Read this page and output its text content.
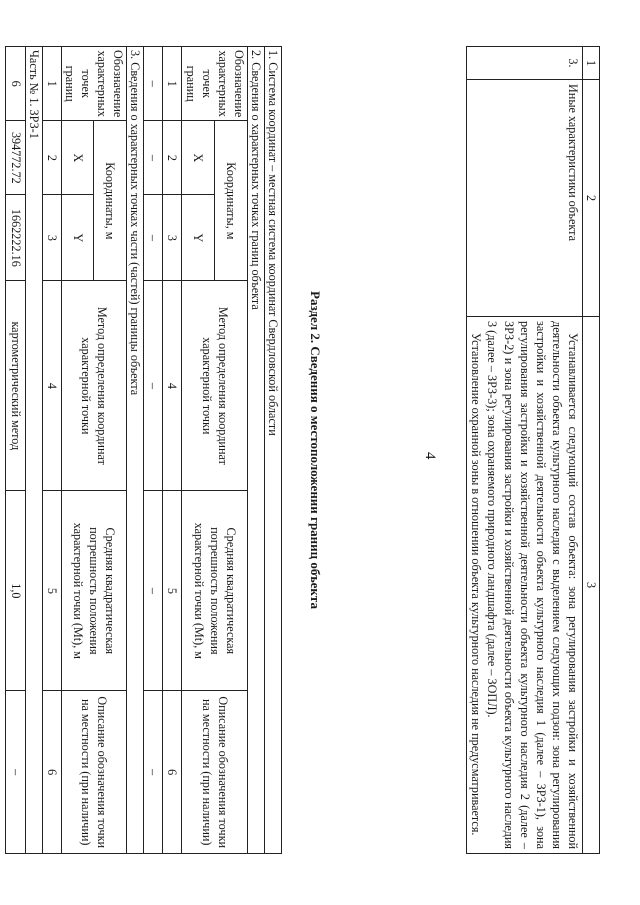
4
1	2	3
3.	Иные характеристики объекта	Устанавливается следующий состав объекта: зона регулирования застройки и хозяйственной деятельности объекта культурного наследия с выделением следующих подзон: зона регулирования застройки и хозяйственной деятельности объекта культурного наследия 1 (далее – ЗРЗ-1), зона регулирования застройки и хозяйственной деятельности объекта культурного наследия 2 (далее – ЗРЗ-2) и зона регулирования застройки и хозяйственной деятельности объекта культурного наследия 3 (далее – ЗРЗ-3); зона охраняемого природного ландшафта (далее – ЗОПЛ).
Установление охранной зоны в отношении объекта культурного наследия не предусматривается.
Раздел 2. Сведения о местоположении границ объекта
1. Система координат – местная система координат Свердловской области					
2. Сведения о характерных точках границ объекта					
Обозначение характерных точек границ	Координаты, м		Метод определения координат характерной точки	Средняя квадратическая погрешность положения характерной точки (Mt), м	Описание обозначения точки на местности (при наличии)
	X	Y			
1	2	3	4	5	6
–	–	–	–	–	–
3. Сведения о характерных точках части (частей) границы объекта					
Обозначение характерных точек границ	Координаты, м		Метод определения координат характерной точки	Средняя квадратическая погрешность положения характерной точки (Mt), м	Описание обозначения точки на местности (при наличии)
	X	Y			
1	2	3	4	5	6
Часть № 1. ЗРЗ-1					
6	394772.72	1662222.16	картометрический метод	1,0	–
